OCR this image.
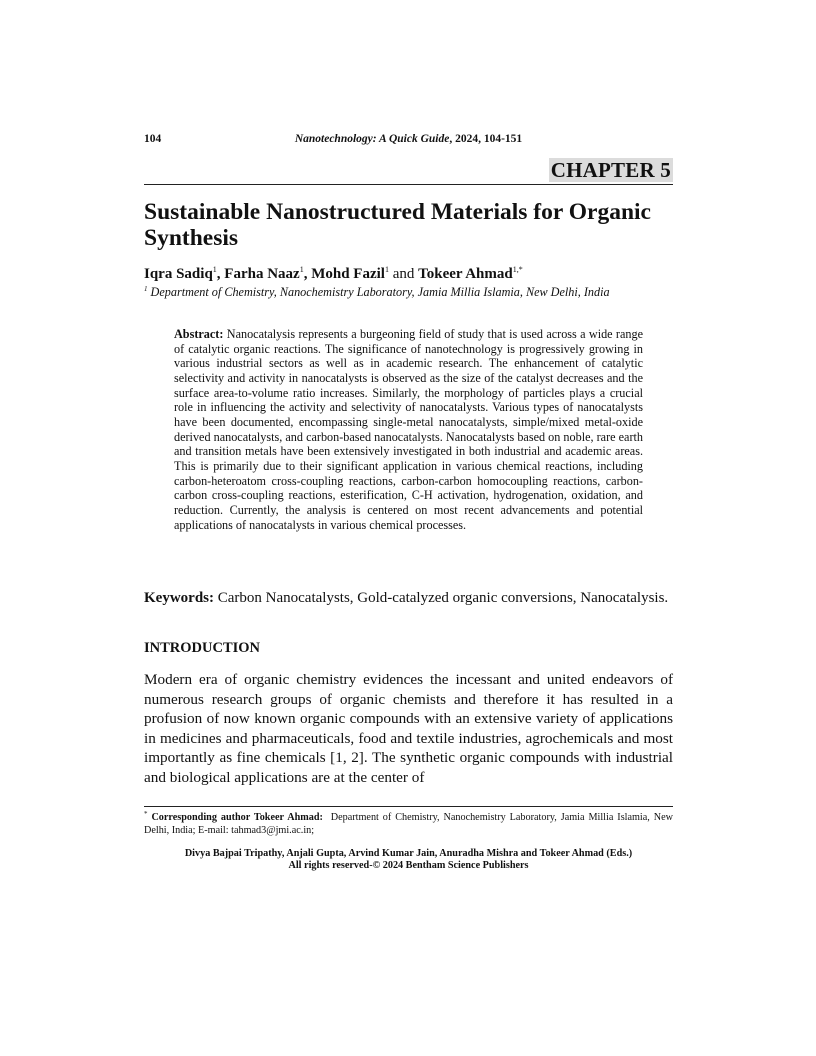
104	Nanotechnology: A Quick Guide, 2024, 104-151
CHAPTER 5
Sustainable Nanostructured Materials for Organic Synthesis
Iqra Sadiq$^1$, Farha Naaz$^1$, Mohd Fazil$^1$ and Tokeer Ahmad$^{1,*}$
$^1$ Department of Chemistry, Nanochemistry Laboratory, Jamia Millia Islamia, New Delhi, India
Abstract: Nanocatalysis represents a burgeoning field of study that is used across a wide range of catalytic organic reactions. The significance of nanotechnology is progressively growing in various industrial sectors as well as in academic research. The enhancement of catalytic selectivity and activity in nanocatalysts is observed as the size of the catalyst decreases and the surface area-to-volume ratio increases. Similarly, the morphology of particles plays a crucial role in influencing the activity and selectivity of nanocatalysts. Various types of nanocatalysts have been documented, encompassing single-metal nanocatalysts, simple/mixed metal-oxide derived nanocatalysts, and carbon-based nanocatalysts. Nanocatalysts based on noble, rare earth and transition metals have been extensively investigated in both industrial and academic areas. This is primarily due to their significant application in various chemical reactions, including carbon-heteroatom cross-coupling reactions, carbon-carbon homocoupling reactions, carbon-carbon cross-coupling reactions, esterification, C-H activation, hydrogenation, oxidation, and reduction. Currently, the analysis is centered on most recent advancements and potential applications of nanocatalysts in various chemical processes.
Keywords: Carbon Nanocatalysts, Gold-catalyzed organic conversions, Nanocatalysis.
INTRODUCTION
Modern era of organic chemistry evidences the incessant and united endeavors of numerous research groups of organic chemists and therefore it has resulted in a profusion of now known organic compounds with an extensive variety of applications in medicines and pharmaceuticals, food and textile industries, agrochemicals and most importantly as fine chemicals [1, 2]. The synthetic organic compounds with industrial and biological applications are at the center of
* Corresponding author Tokeer Ahmad:  Department of Chemistry, Nanochemistry Laboratory, Jamia Millia Islamia, New Delhi, India; E-mail: tahmad3@jmi.ac.in;
Divya Bajpai Tripathy, Anjali Gupta, Arvind Kumar Jain, Anuradha Mishra and Tokeer Ahmad (Eds.)
All rights reserved-© 2024 Bentham Science Publishers
